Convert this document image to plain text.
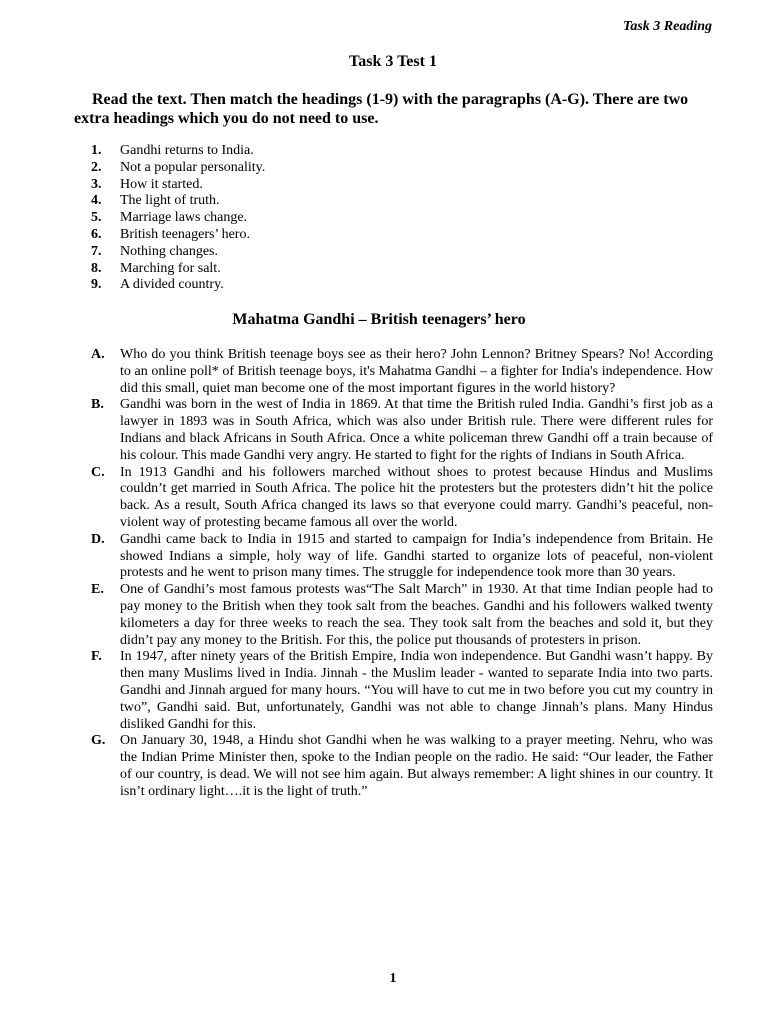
Task 3 Reading
Task 3 Test 1

Read the text. Then match the headings (1-9) with the paragraphs (A-G). There are two extra headings which you do not need to use.

1.	Gandhi returns to India.
2.	Not a popular personality.
3.	How it started.
4.	The light of truth.
5.	Marriage laws change.
6.	British teenagers’ hero.
7.	Nothing changes.
8.	Marching for salt.
9.	A divided country.
Mahatma Gandhi – British teenagers’ hero
A.	Who do you think British teenage boys see as their hero? John Lennon? Britney Spears? No! According to an online poll* of British teenage boys, it's Mahatma Gandhi – a fighter for India's independence. How did this small, quiet man become one of the most important figures in the world history?
B.	Gandhi was born in the west of India in 1869. At that time the British ruled India. Gandhi’s first job as a lawyer in 1893 was in South Africa, which was also under British rule. There were different rules for Indians and black Africans in South Africa. Once a white policeman threw Gandhi off a train because of his colour. This made Gandhi very angry. He started to fight for the rights of Indians in South Africa.
C.	In 1913 Gandhi and his followers marched without shoes to protest because Hindus and Muslims couldn’t get married in South Africa. The police hit the protesters but the protesters didn’t hit the police back. As a result, South Africa changed its laws so that everyone could marry. Gandhi’s peaceful, non-violent way of protesting became famous all over the world.
D.	Gandhi came back to India in 1915 and started to campaign for India’s independence from Britain. He showed Indians a simple, holy way of life. Gandhi started to organize lots of peaceful, non-violent protests and he went to prison many times. The struggle for independence took more than 30 years.
E.	One of Gandhi’s most famous protests was“The Salt March” in 1930. At that time Indian people had to pay money to the British when they took salt from the beaches. Gandhi and his followers walked twenty kilometers a day for three weeks to reach the sea. They took salt from the beaches and sold it, but they didn’t pay any money to the British. For this, the police put thousands of protesters in prison.
F.	In 1947, after ninety years of the British Empire, India won independence. But Gandhi wasn’t happy. By then many Muslims lived in India. Jinnah - the Muslim leader - wanted to separate India into two parts. Gandhi and Jinnah argued for many hours. “You will have to cut me in two before you cut my country in two”, Gandhi said. But, unfortunately, Gandhi was not able to change Jinnah’s plans. Many Hindus disliked Gandhi for this.
G.	On January 30, 1948, a Hindu shot Gandhi when he was walking to a prayer meeting. Nehru, who was the Indian Prime Minister then, spoke to the Indian people on the radio. He said: “Our leader, the Father of our country, is dead. We will not see him again. But always remember: A light shines in our country. It isn’t ordinary light….it is the light of truth.”
1
